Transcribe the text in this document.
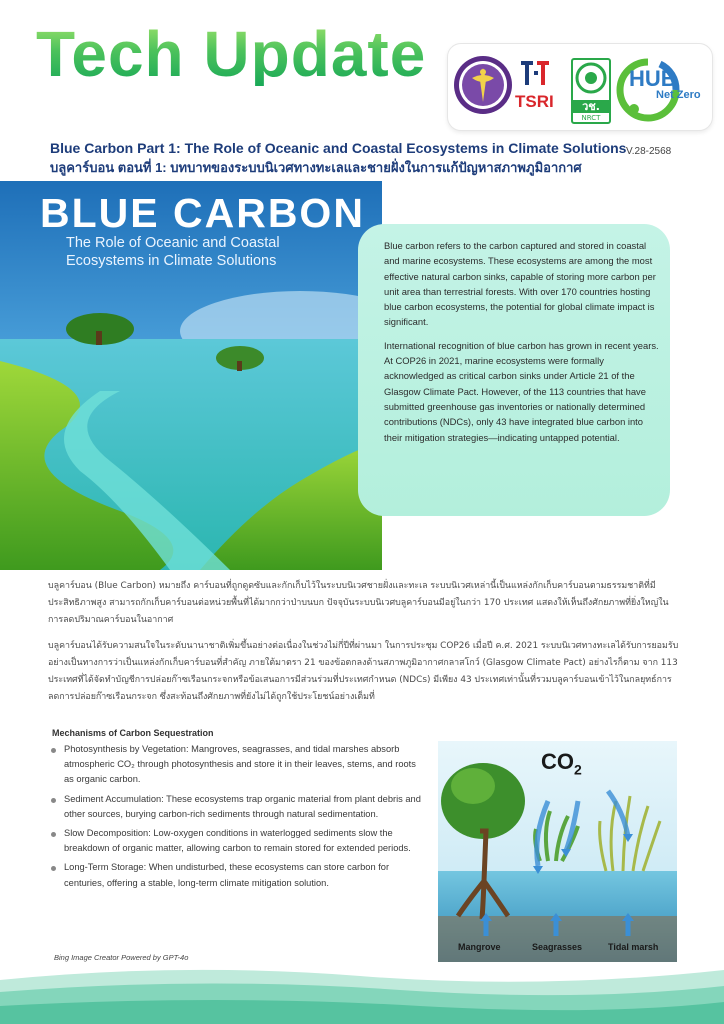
Tech Update
TSRI	วช.
NRCT
HUB
Net Zero
Blue Carbon Part 1: The Role of Oceanic and Coastal Ecosystems in Climate Solutions
บลูคาร์บอน ตอนที่ 1: บทบาทของระบบนิเวศทางทะเลและชายฝั่งในการแก้ปัญหาสภาพภูมิอากาศ
V.28-2568
BLUE CARBON
The Role of Oceanic and Coastal Ecosystems in Climate Solutions

Blue carbon refers to the carbon captured and stored in coastal and marine ecosystems. These ecosystems are among the most effective natural carbon sinks, capable of storing more carbon per unit area than terrestrial forests. With over 170 countries hosting blue carbon ecosystems, the potential for global climate impact is significant.

International recognition of blue carbon has grown in recent years. At COP26 in 2021, marine ecosystems were formally acknowledged as critical carbon sinks under Article 21 of the Glasgow Climate Pact. However, of the 113 countries that have submitted greenhouse gas inventories or nationally determined contributions (NDCs), only 43 have integrated blue carbon into their mitigation strategies—indicating untapped potential.

บลูคาร์บอน (Blue Carbon) หมายถึง คาร์บอนที่ถูกดูดซับและกักเก็บไว้ในระบบนิเวศชายฝั่งและทะเล ระบบนิเวศเหล่านี้เป็นแหล่งกักเก็บคาร์บอนตามธรรมชาติที่มีประสิทธิภาพสูง สามารถกักเก็บคาร์บอนต่อหน่วยพื้นที่ได้มากกว่าป่าบนบก ปัจจุบันระบบนิเวศบลูคาร์บอนมีอยู่ในกว่า 170 ประเทศ แสดงให้เห็นถึงศักยภาพที่ยิ่งใหญ่ในการลดปริมาณคาร์บอนในอากาศ
บลูคาร์บอนได้รับความสนใจในระดับนานาชาติเพิ่มขึ้นอย่างต่อเนื่องในช่วงไม่กี่ปีที่ผ่านมา ในการประชุม COP26 เมื่อปี ค.ศ. 2021 ระบบนิเวศทางทะเลได้รับการยอมรับอย่างเป็นทางการว่าเป็นแหล่งกักเก็บคาร์บอนที่สำคัญ ภายใต้มาตรา 21 ของข้อตกลงด้านสภาพภูมิอากาศกลาสโกว์ (Glasgow Climate Pact) อย่างไรก็ตาม จาก 113 ประเทศที่ได้จัดทำบัญชีการปล่อยก๊าซเรือนกระจกหรือข้อเสนอการมีส่วนร่วมที่ประเทศกำหนด (NDCs) มีเพียง 43 ประเทศเท่านั้นที่รวมบลูคาร์บอนเข้าไว้ในกลยุทธ์การลดการปล่อยก๊าซเรือนกระจก ซึ่งสะท้อนถึงศักยภาพที่ยังไม่ได้ถูกใช้ประโยชน์อย่างเต็มที่
Mechanisms of Carbon Sequestration
Photosynthesis by Vegetation: Mangroves, seagrasses, and tidal marshes absorb atmospheric CO₂ through photosynthesis and store it in their leaves, stems, and roots as organic carbon.
Sediment Accumulation: These ecosystems trap organic material from plant debris and other sources, burying carbon-rich sediments through natural sedimentation.
Slow Decomposition: Low-oxygen conditions in waterlogged sediments slow the breakdown of organic matter, allowing carbon to remain stored for extended periods.
Long-Term Storage: When undisturbed, these ecosystems can store carbon for centuries, offering a stable, long-term climate mitigation solution.
$CO_2$
Mangrove	Seagrasses	Tidal marsh
Bing Image Creator Powered by GPT-4o
